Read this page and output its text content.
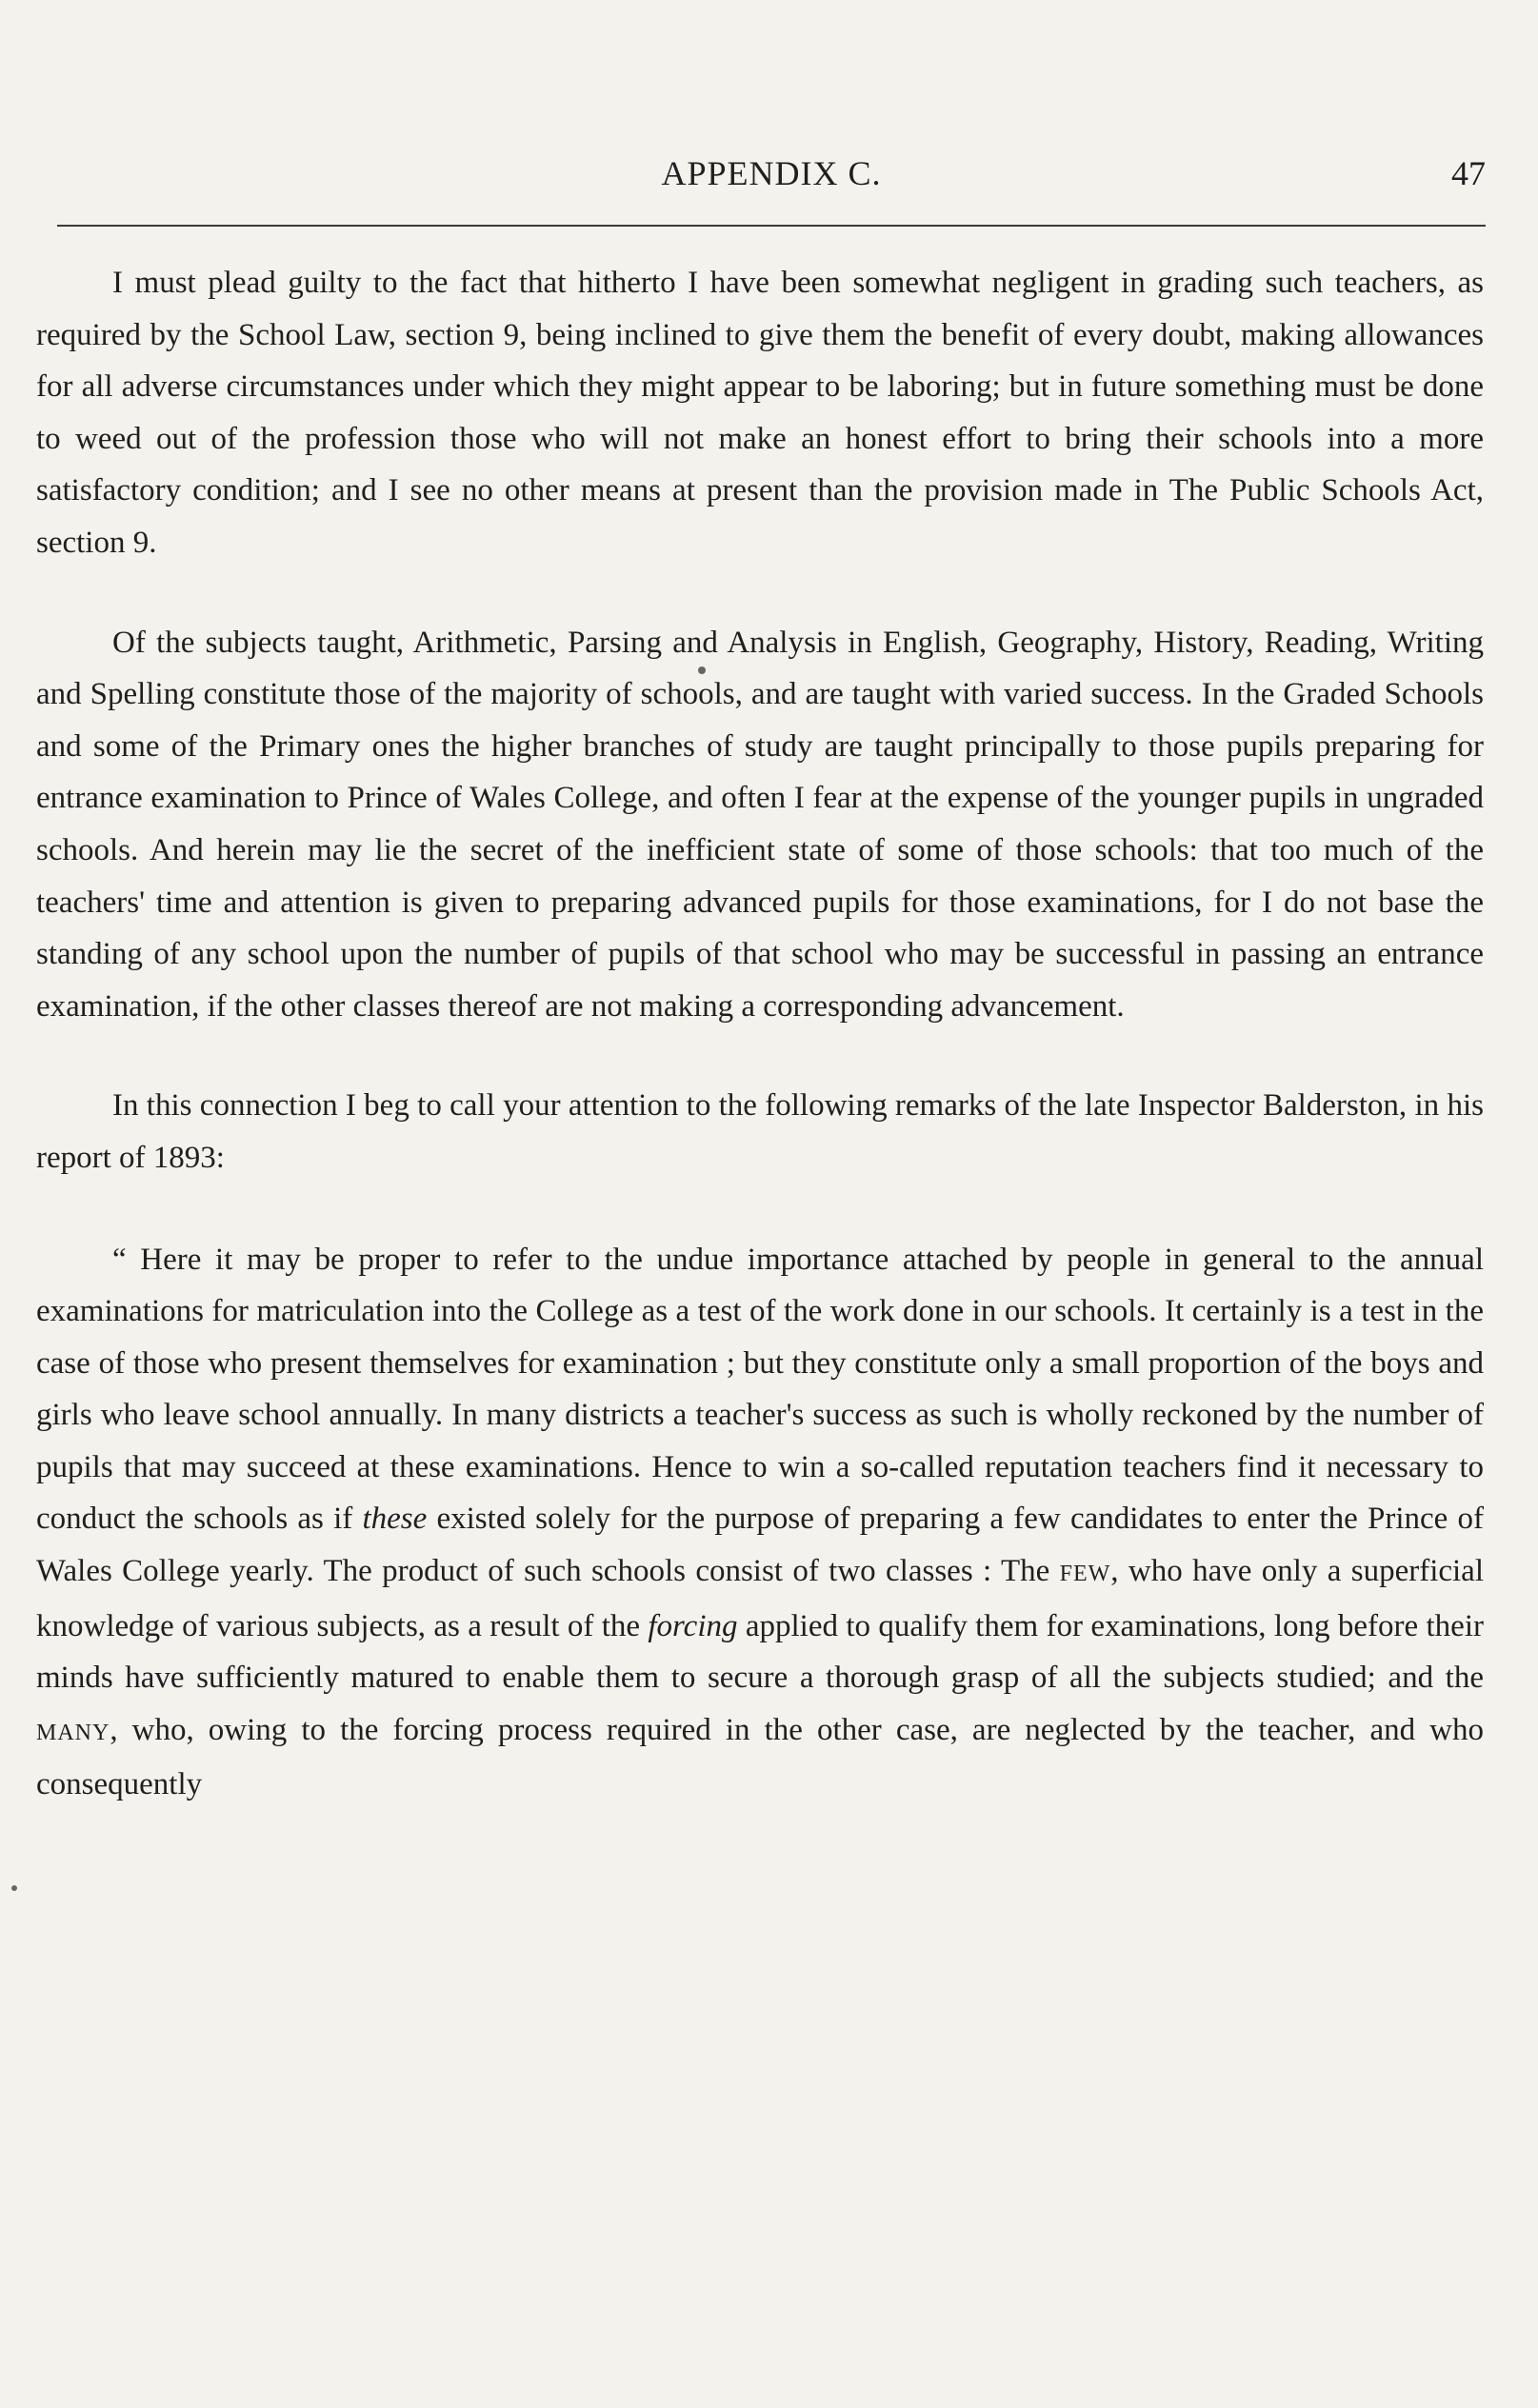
APPENDIX C.	47

I must plead guilty to the fact that hitherto I have been somewhat negligent in grading such teachers, as required by the School Law, section 9, being inclined to give them the benefit of every doubt, making allowances for all adverse circumstances under which they might appear to be laboring; but in future something must be done to weed out of the profession those who will not make an honest effort to bring their schools into a more satisfactory condition; and I see no other means at present than the provision made in The Public Schools Act, section 9.

Of the subjects taught, Arithmetic, Parsing and Analysis in English, Geography, History, Reading, Writing and Spelling constitute those of the majority of schools, and are taught with varied success. In the Graded Schools and some of the Primary ones the higher branches of study are taught principally to those pupils preparing for entrance examination to Prince of Wales College, and often I fear at the expense of the younger pupils in ungraded schools. And herein may lie the secret of the inefficient state of some of those schools: that too much of the teachers' time and attention is given to preparing advanced pupils for those examinations, for I do not base the standing of any school upon the number of pupils of that school who may be successful in passing an entrance examination, if the other classes thereof are not making a corresponding advancement.

In this connection I beg to call your attention to the following remarks of the late Inspector Balderston, in his report of 1893:

“ Here it may be proper to refer to the undue importance attached by people in general to the annual examinations for matriculation into the College as a test of the work done in our schools. It certainly is a test in the case of those who present themselves for examination ; but they constitute only a small proportion of the boys and girls who leave school annually. In many districts a teacher's success as such is wholly reckoned by the number of pupils that may succeed at these examinations. Hence to win a so-called reputation teachers find it necessary to conduct the schools as if these existed solely for the purpose of preparing a few candidates to enter the Prince of Wales College yearly. The product of such schools consist of two classes : The FEW, who have only a superficial knowledge of various subjects, as a result of the forcing applied to qualify them for examinations, long before their minds have sufficiently matured to enable them to secure a thorough grasp of all the subjects studied; and the MANY, who, owing to the forcing process required in the other case, are neglected by the teacher, and who consequently
